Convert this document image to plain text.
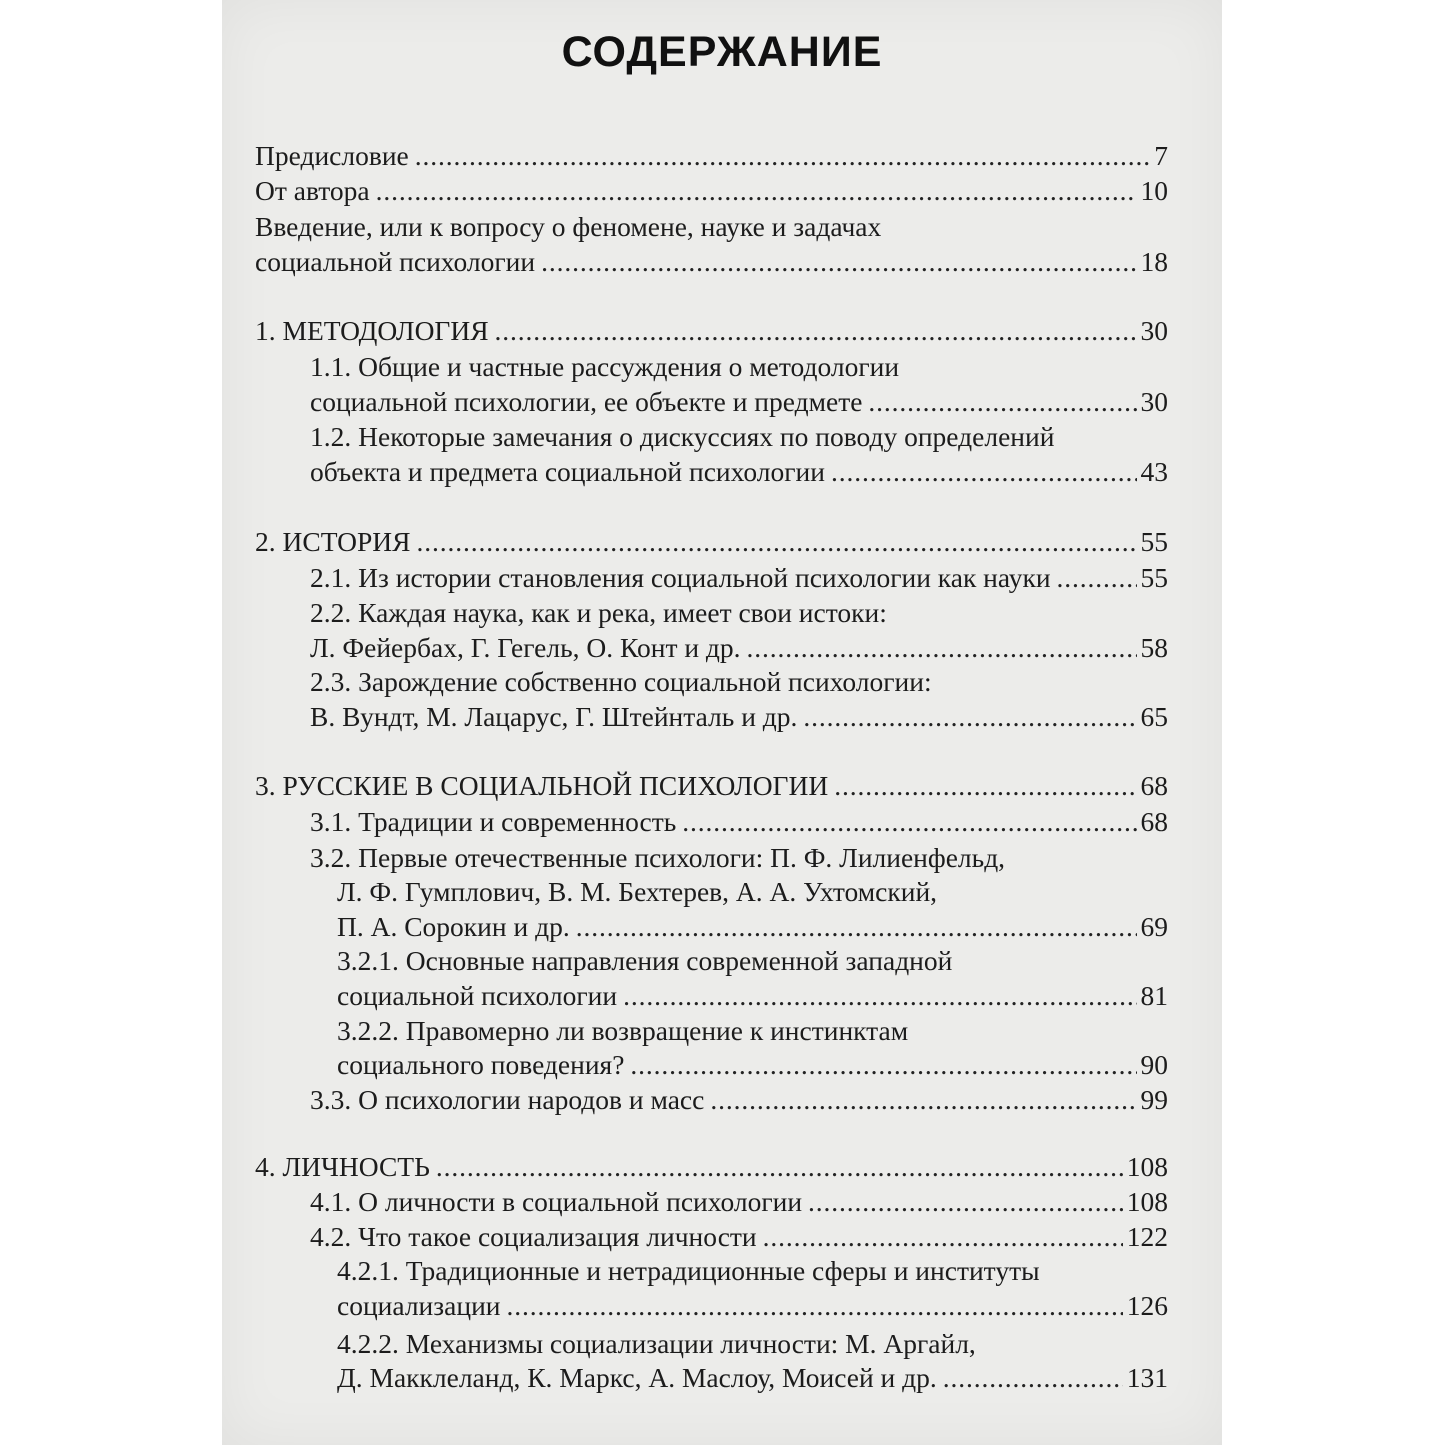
СОДЕРЖАНИЕ
Предисловие . . .	7
От автора . . .	10
Введение, или к вопросу о феномене, науке и задачах
социальной психологии . . .	18
1. МЕТОДОЛОГИЯ . . .	30
1.1. Общие и частные рассуждения о методологии
социальной психологии, ее объекте и предмете . . .	30
1.2. Некоторые замечания о дискуссиях по поводу определений
объекта и предмета социальной психологии . . .	43
2. ИСТОРИЯ . . .	55
2.1. Из истории становления социальной психологии как науки . . .	55
2.2. Каждая наука, как и река, имеет свои истоки:
Л. Фейербах, Г. Гегель, О. Конт и др. . . .	58
2.3. Зарождение собственно социальной психологии:
В. Вундт, М. Лацарус, Г. Штейнталь и др. . . .	65
3. РУССКИЕ В СОЦИАЛЬНОЙ ПСИХОЛОГИИ . . .	68
3.1. Традиции и современность . . .	68
3.2. Первые отечественные психологи: П. Ф. Лилиенфельд,
Л. Ф. Гумплович, В. М. Бехтерев, А. А. Ухтомский,
П. А. Сорокин и др. . . .	69
3.2.1. Основные направления современной западной
социальной психологии . . .	81
3.2.2. Правомерно ли возвращение к инстинктам
социального поведения? . . .	90
3.3. О психологии народов и масс . . .	99
4. ЛИЧНОСТЬ . . .	108
4.1. О личности в социальной психологии . . .	108
4.2. Что такое социализация личности . . .	122
4.2.1. Традиционные и нетрадиционные сферы и институты
социализации . . .	126
4.2.2. Механизмы социализации личности: М. Аргайл,
Д. Макклеланд, К. Маркс, А. Маслоу, Моисей и др. . . .	131
